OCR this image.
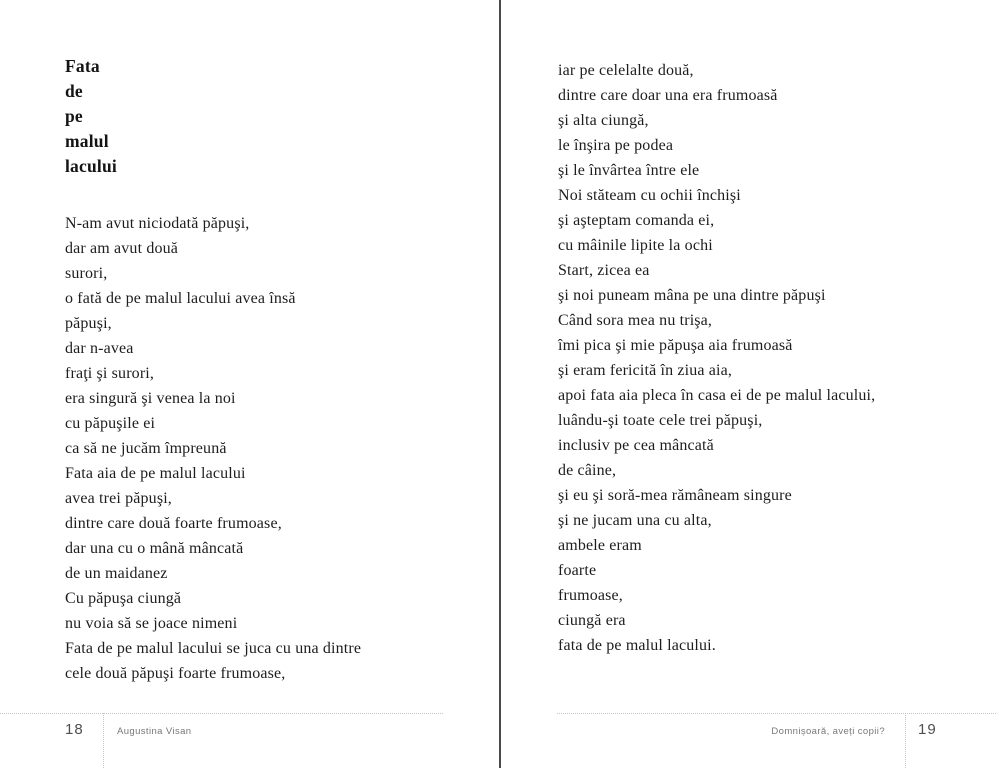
Fata
de
pe
malul
lacului
N-am avut niciodată păpuşi,
dar am avut două
surori,
o fată de pe malul lacului avea însă
păpuşi,
dar n-avea
fraţi şi surori,
era singură şi venea la noi
cu păpuşile ei
ca să ne jucăm împreună
Fata aia de pe malul lacului
avea trei păpuşi,
dintre care două foarte frumoase,
dar una cu o mână mâncată
de un maidanez
Cu păpuşa ciungă
nu voia să se joace nimeni
Fata de pe malul lacului se juca cu una dintre
cele două păpuşi foarte frumoase,
iar pe celelalte două,
dintre care doar una era frumoasă
şi alta ciungă,
le înşira pe podea
şi le învârtea între ele
Noi stăteam cu ochii închişi
şi aşteptam comanda ei,
cu mâinile lipite la ochi
Start, zicea ea
şi noi puneam mâna pe una dintre păpuşi
Când sora mea nu trişa,
îmi pica şi mie păpuşa aia frumoasă
şi eram fericită în ziua aia,
apoi fata aia pleca în casa ei de pe malul lacului,
luându-şi toate cele trei păpuşi,
inclusiv pe cea mâncată
de câine,
şi eu şi soră-mea rămâneam singure
şi ne jucam una cu alta,
ambele eram
foarte
frumoase,
ciungă era
fata de pe malul lacului.
18	Augustina Visan	Domnișoară, aveți copii? 19
